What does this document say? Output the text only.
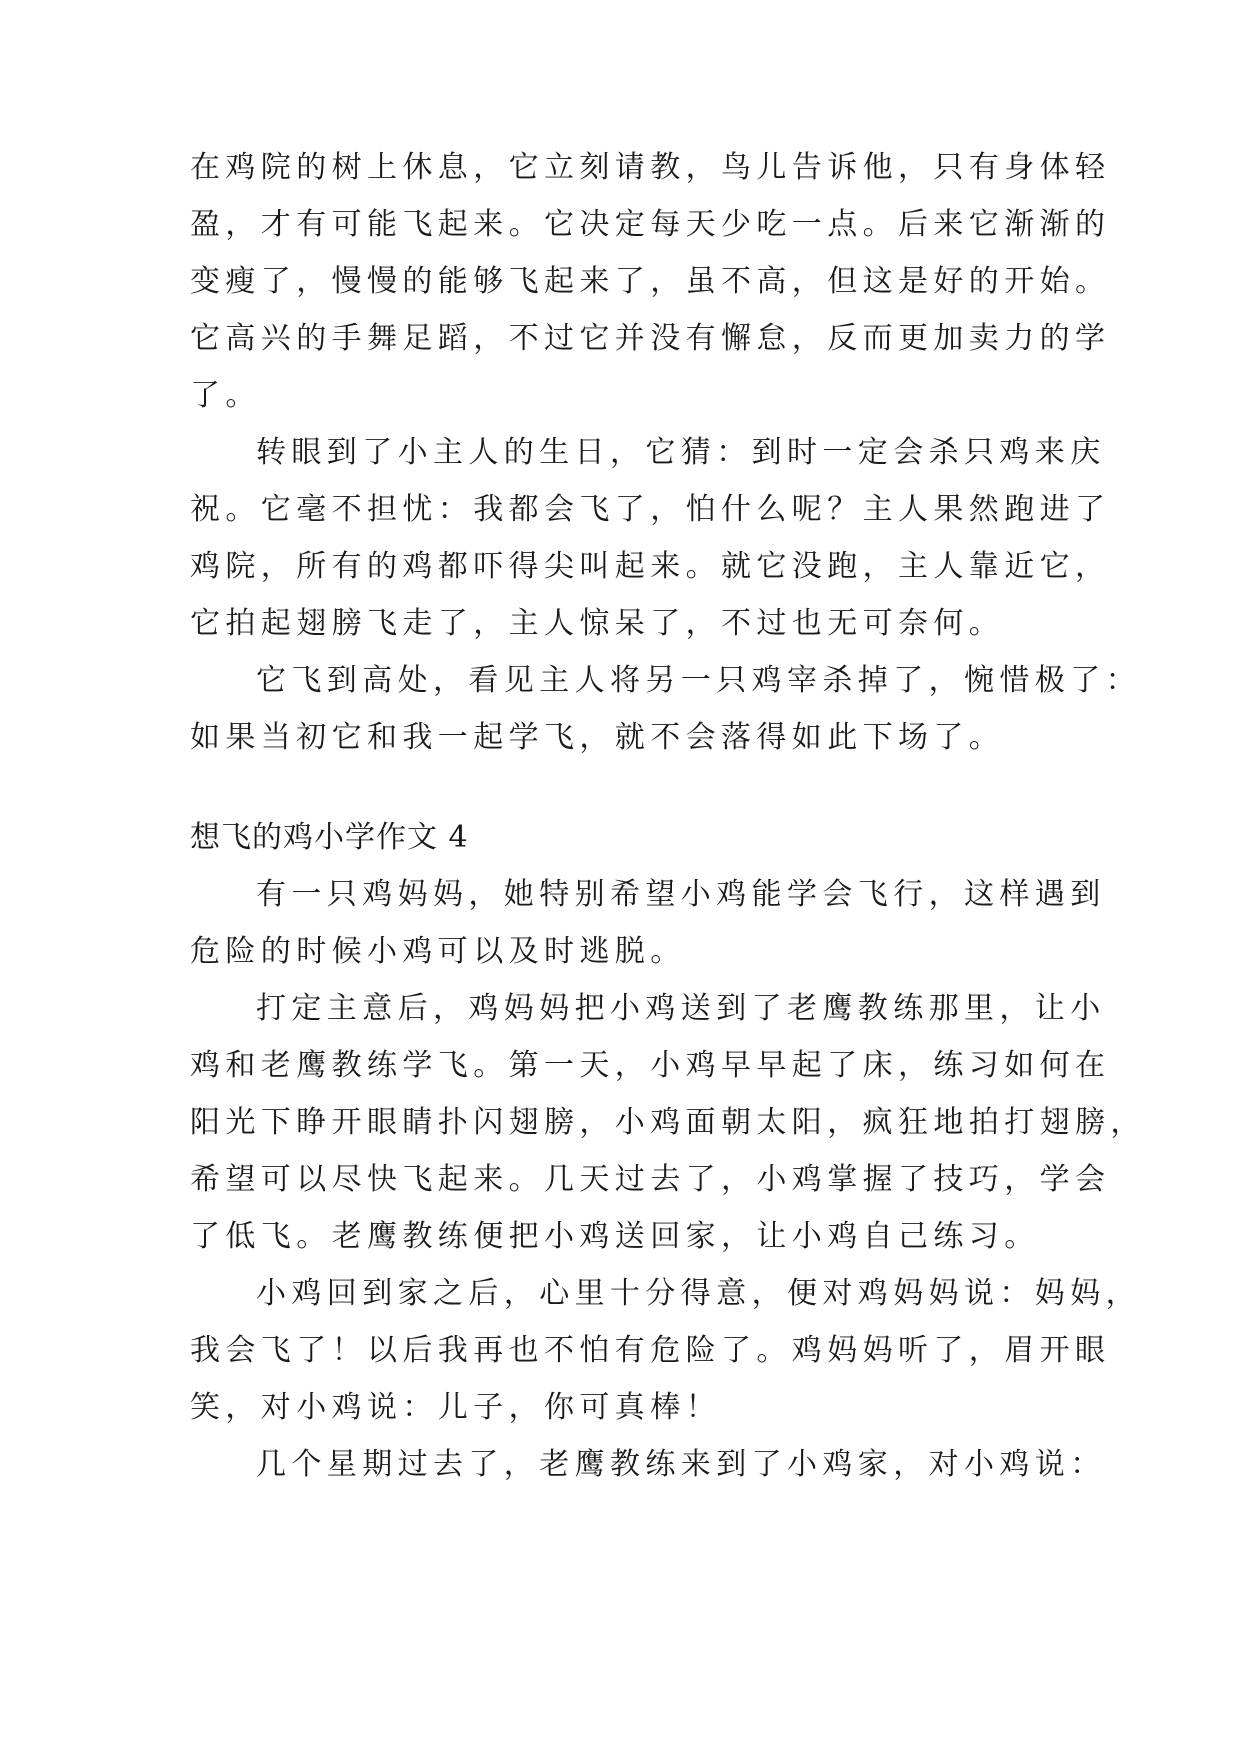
在鸡院的树上休息，它立刻请教，鸟儿告诉他，只有身体轻
盈，才有可能飞起来。它决定每天少吃一点。后来它渐渐的
变瘦了，慢慢的能够飞起来了，虽不高，但这是好的开始。
它高兴的手舞足蹈，不过它并没有懈怠，反而更加卖力的学
了。
转眼到了小主人的生日，它猜：到时一定会杀只鸡来庆
祝。它毫不担忧：我都会飞了，怕什么呢？主人果然跑进了
鸡院，所有的鸡都吓得尖叫起来。就它没跑，主人靠近它，
它拍起翅膀飞走了，主人惊呆了，不过也无可奈何。
它飞到高处，看见主人将另一只鸡宰杀掉了，惋惜极了：
如果当初它和我一起学飞，就不会落得如此下场了。
想飞的鸡小学作文 4
有一只鸡妈妈，她特别希望小鸡能学会飞行，这样遇到
危险的时候小鸡可以及时逃脱。
打定主意后，鸡妈妈把小鸡送到了老鹰教练那里，让小
鸡和老鹰教练学飞。第一天，小鸡早早起了床，练习如何在
阳光下睁开眼睛扑闪翅膀，小鸡面朝太阳，疯狂地拍打翅膀，
希望可以尽快飞起来。几天过去了，小鸡掌握了技巧，学会
了低飞。老鹰教练便把小鸡送回家，让小鸡自己练习。
小鸡回到家之后，心里十分得意，便对鸡妈妈说：妈妈，
我会飞了！以后我再也不怕有危险了。鸡妈妈听了，眉开眼
笑，对小鸡说：儿子，你可真棒！
几个星期过去了，老鹰教练来到了小鸡家，对小鸡说：
